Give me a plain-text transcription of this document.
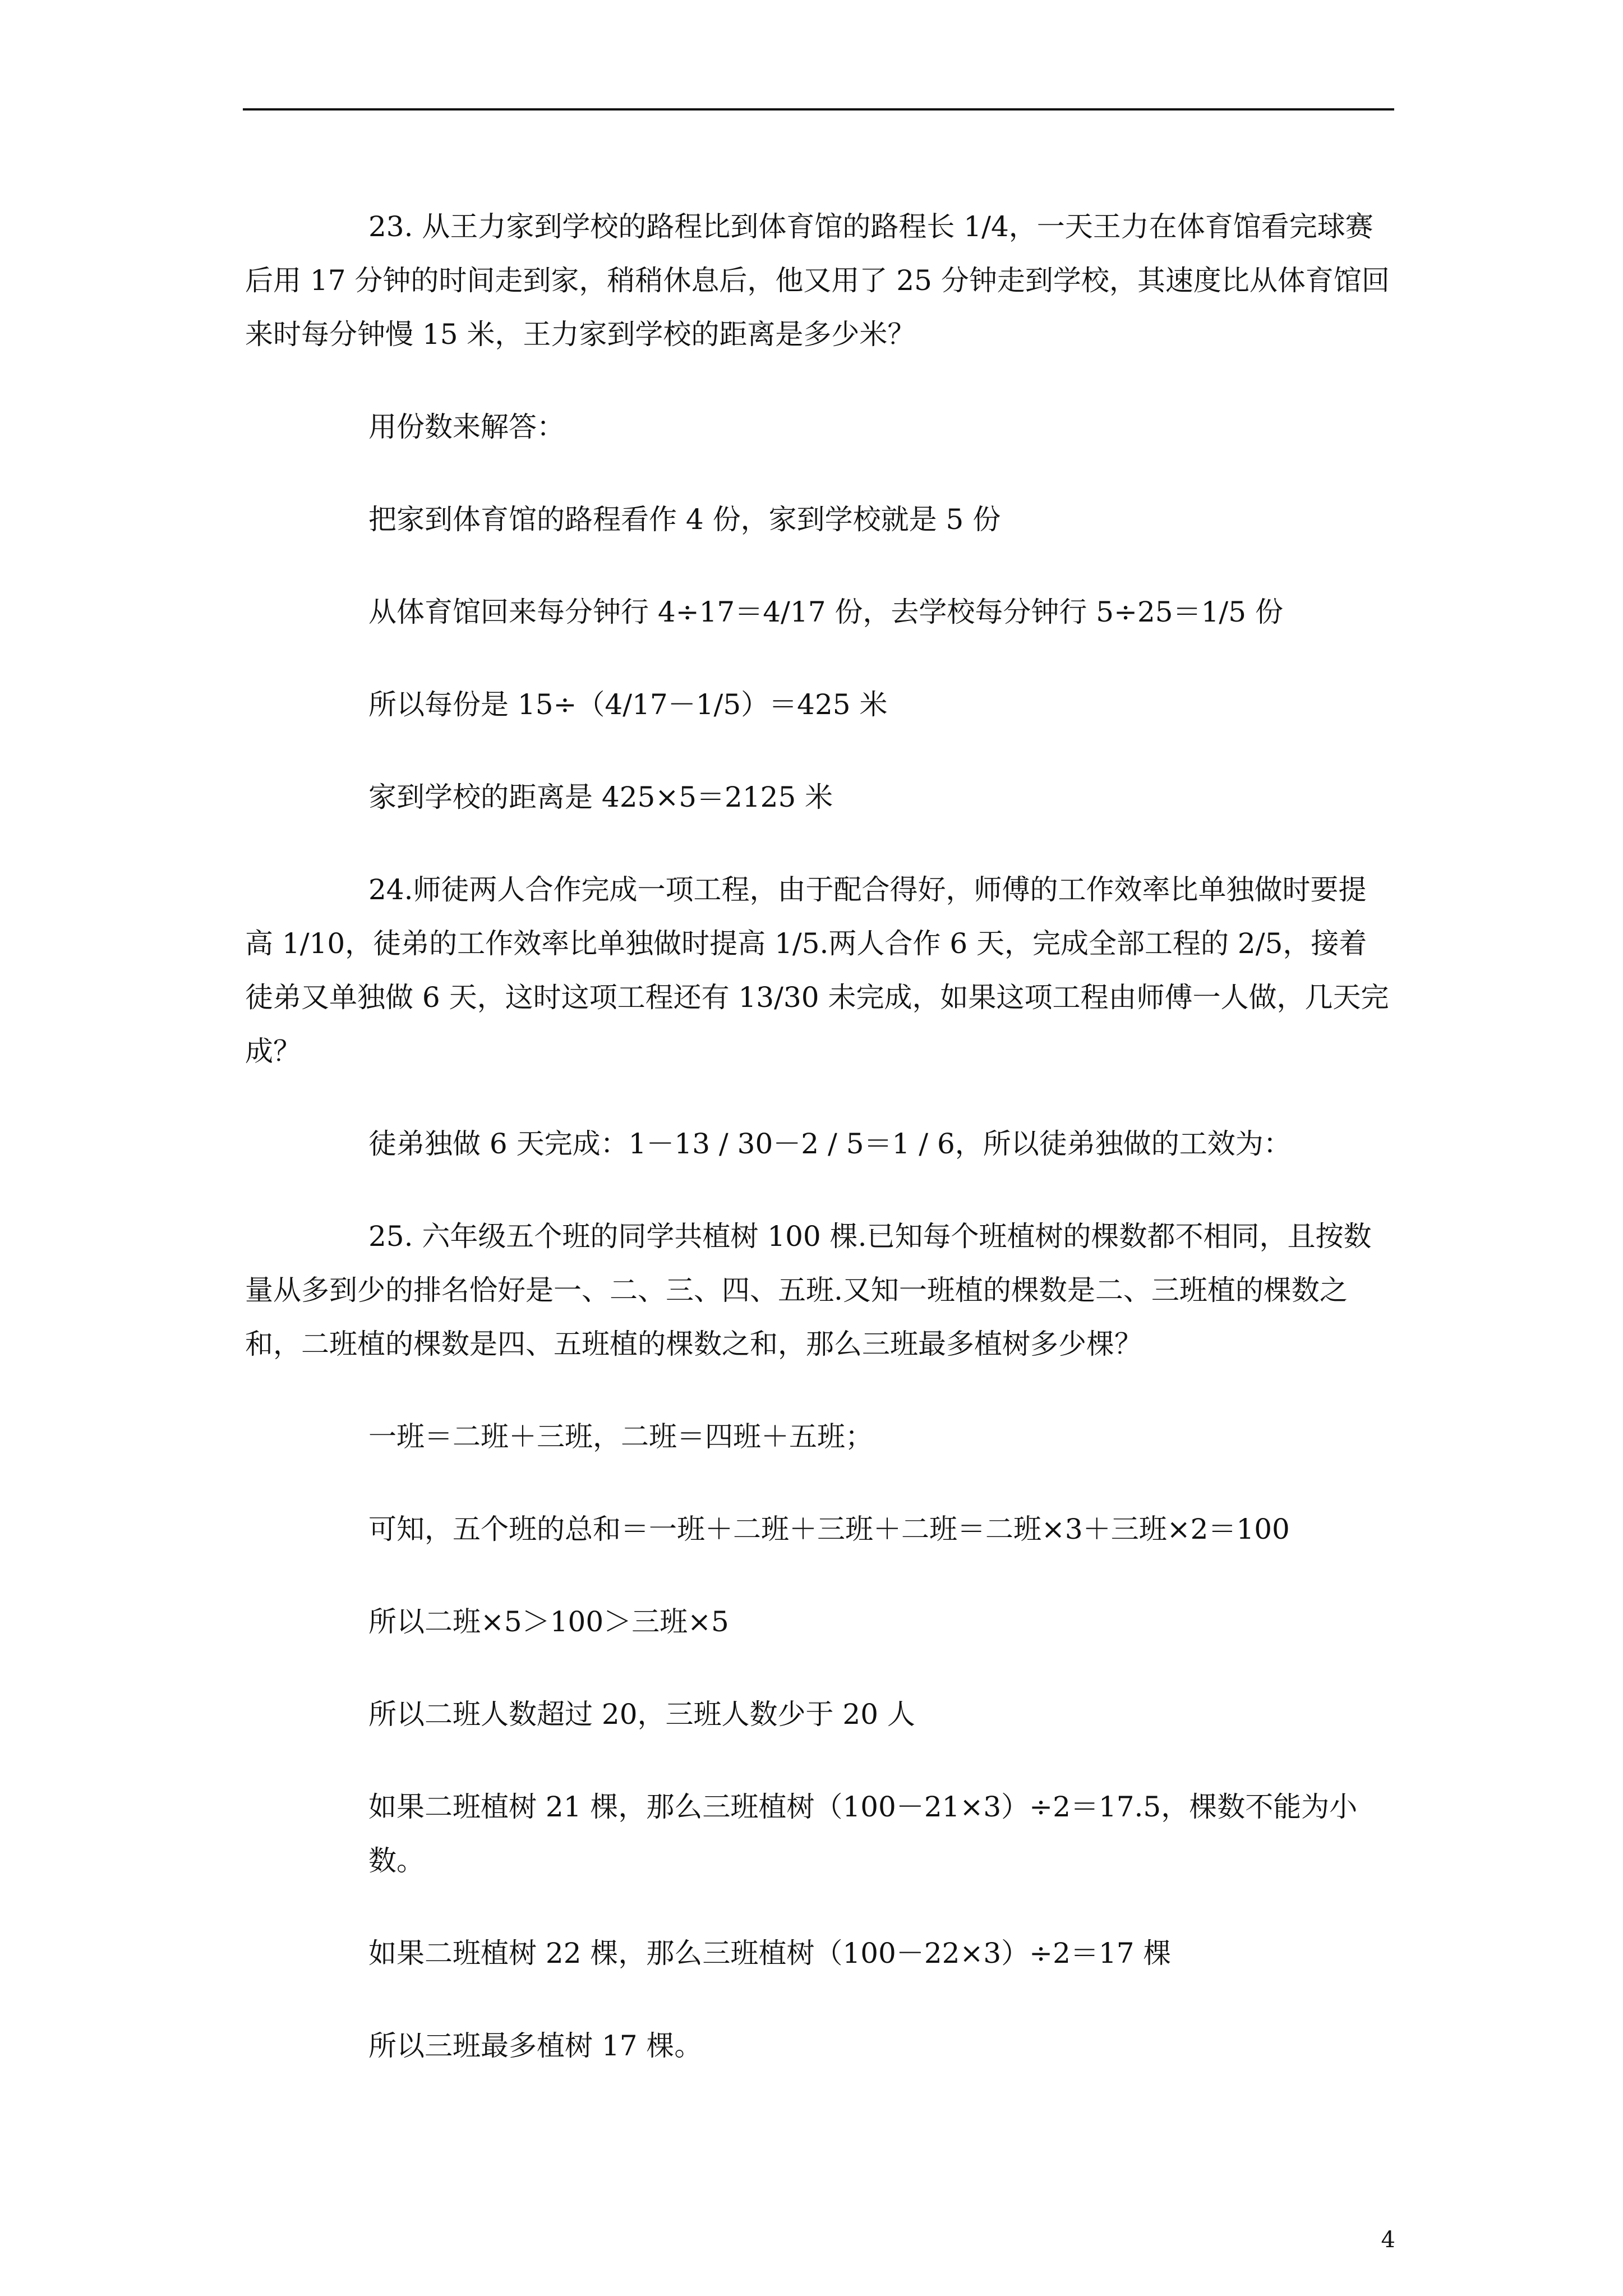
23. 从王力家到学校的路程比到体育馆的路程长 1/4，一天王力在体育馆看完球赛后用 17 分钟的时间走到家，稍稍休息后，他又用了 25 分钟走到学校，其速度比从体育馆回来时每分钟慢 15 米，王力家到学校的距离是多少米？

用份数来解答：

把家到体育馆的路程看作 4 份，家到学校就是 5 份

从体育馆回来每分钟行 4÷17＝4/17 份，去学校每分钟行 5÷25＝1/5 份

所以每份是 15÷（4/17－1/5）＝425 米

家到学校的距离是 425×5＝2125 米

24.师徒两人合作完成一项工程，由于配合得好，师傅的工作效率比单独做时要提高 1/10，徒弟的工作效率比单独做时提高 1/5.两人合作 6 天，完成全部工程的 2/5，接着徒弟又单独做 6 天，这时这项工程还有 13/30 未完成，如果这项工程由师傅一人做，几天完成？

徒弟独做 6 天完成：1－13 / 30－2 / 5＝1 / 6，所以徒弟独做的工效为：

25. 六年级五个班的同学共植树 100 棵.已知每个班植树的棵数都不相同，且按数量从多到少的排名恰好是一、二、三、四、五班.又知一班植的棵数是二、三班植的棵数之和，二班植的棵数是四、五班植的棵数之和，那么三班最多植树多少棵？

一班＝二班＋三班，二班＝四班＋五班；

可知，五个班的总和＝一班＋二班＋三班＋二班＝二班×3＋三班×2＝100

所以二班×5＞100＞三班×5

所以二班人数超过 20，三班人数少于 20 人

如果二班植树 21 棵，那么三班植树（100－21×3）÷2＝17.5，棵数不能为小数。

如果二班植树 22 棵，那么三班植树（100－22×3）÷2＝17 棵

所以三班最多植树 17 棵。

4
